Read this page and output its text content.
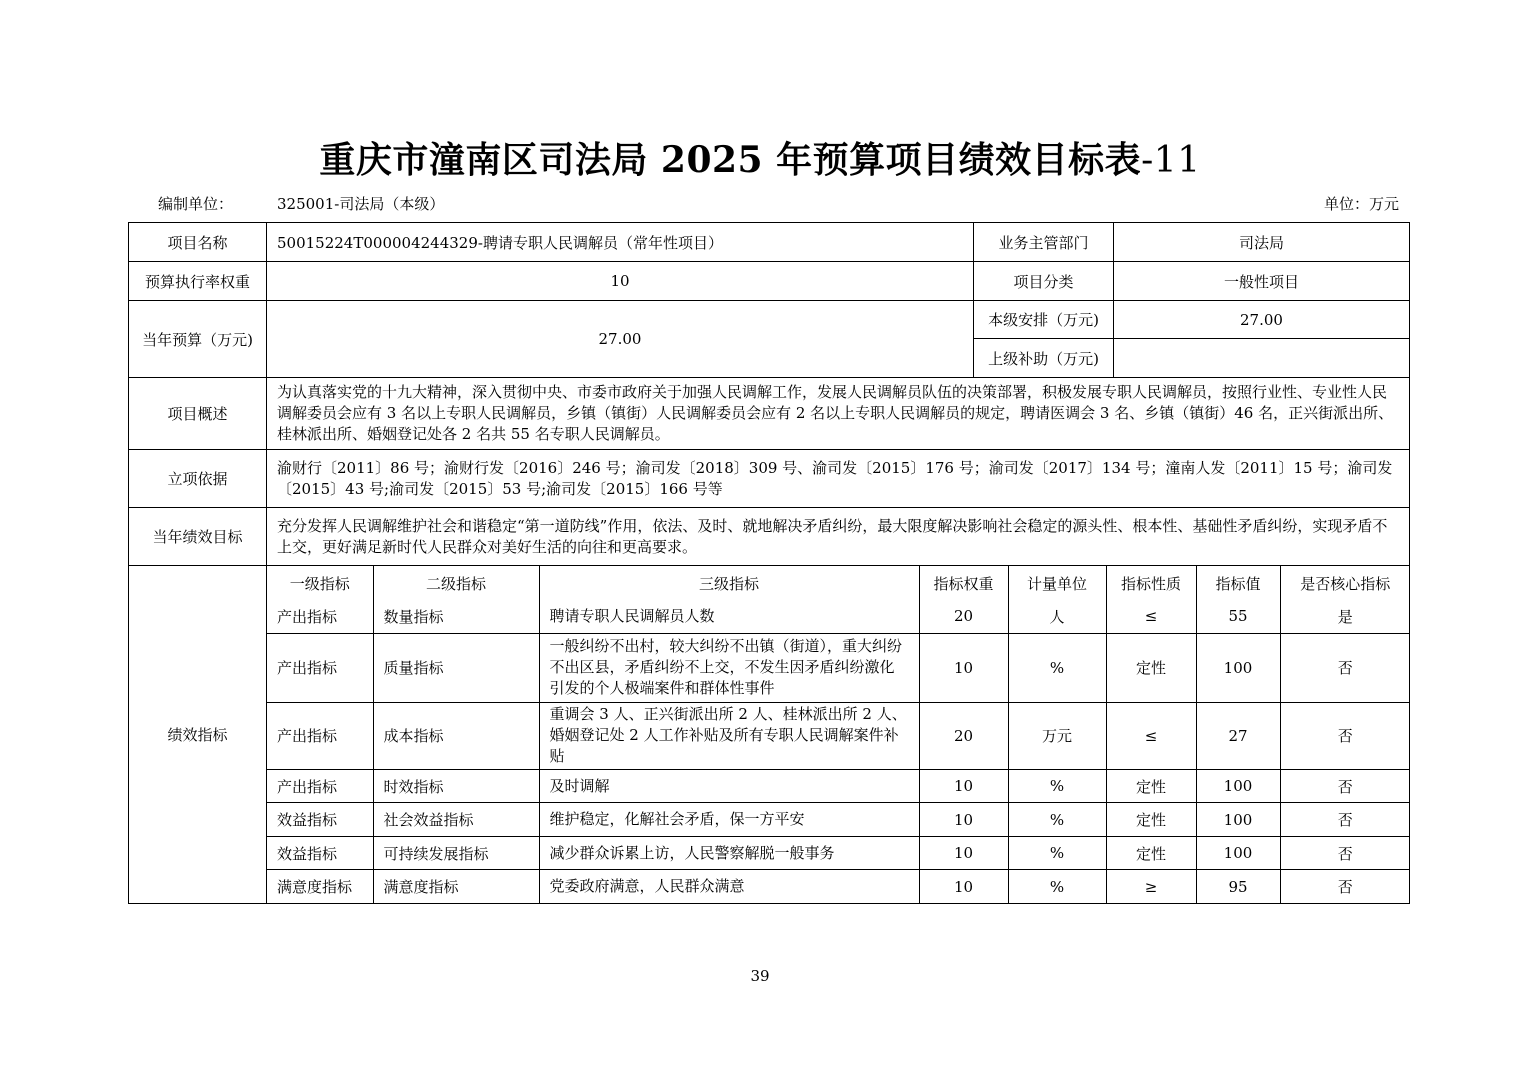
重庆市潼南区司法局 2025 年预算项目绩效目标表-11
编制单位：	325001-司法局（本级）	单位：万元
项目名称	50015224T000004244329-聘请专职人民调解员（常年性项目）	业务主管部门	司法局
预算执行率权重	10	项目分类	一般性项目
当年预算（万元)	27.00	本级安排（万元)	27.00
上级补助（万元)	
项目概述	为认真落实党的十九大精神，深入贯彻中央、市委市政府关于加强人民调解工作，发展人民调解员队伍的决策部署，积极发展专职人民调解员，按照行业性、专业性人民调解委员会应有 3 名以上专职人民调解员，乡镇（镇街）人民调解委员会应有 2 名以上专职人民调解员的规定，聘请医调会 3 名、乡镇（镇街）46 名，正兴街派出所、桂林派出所、婚姻登记处各 2 名共 55 名专职人民调解员。
立项依据	渝财行〔2011〕86 号；渝财行发〔2016〕246 号；渝司发〔2018〕309 号、渝司发〔2015〕176 号；渝司发〔2017〕134 号；潼南人发〔2011〕15 号；渝司发〔2015〕43 号;渝司发〔2015〕53 号;渝司发〔2015〕166 号等
当年绩效目标	充分发挥人民调解维护社会和谐稳定“第一道防线”作用，依法、及时、就地解决矛盾纠纷，最大限度解决影响社会稳定的源头性、根本性、基础性矛盾纠纷，实现矛盾不上交，更好满足新时代人民群众对美好生活的向往和更高要求。
绩效指标	
一级指标	二级指标	三级指标	指标权重	计量单位	指标性质	指标值	是否核心指标
产出指标	数量指标	聘请专职人民调解员人数	20	人	≤	55	是
产出指标	质量指标	一般纠纷不出村，较大纠纷不出镇（街道），重大纠纷不出区县，矛盾纠纷不上交，不发生因矛盾纠纷激化引发的个人极端案件和群体性事件	10	%	定性	100	否
产出指标	成本指标	重调会 3 人、正兴街派出所 2 人、桂林派出所 2 人、婚姻登记处 2 人工作补贴及所有专职人民调解案件补贴	20	万元	≤	27	否
产出指标	时效指标	及时调解	10	%	定性	100	否
效益指标	社会效益指标	维护稳定，化解社会矛盾，保一方平安	10	%	定性	100	否
效益指标	可持续发展指标	减少群众诉累上访，人民警察解脱一般事务	10	%	定性	100	否
满意度指标	满意度指标	党委政府满意，人民群众满意	10	%	≥	95	否
39
